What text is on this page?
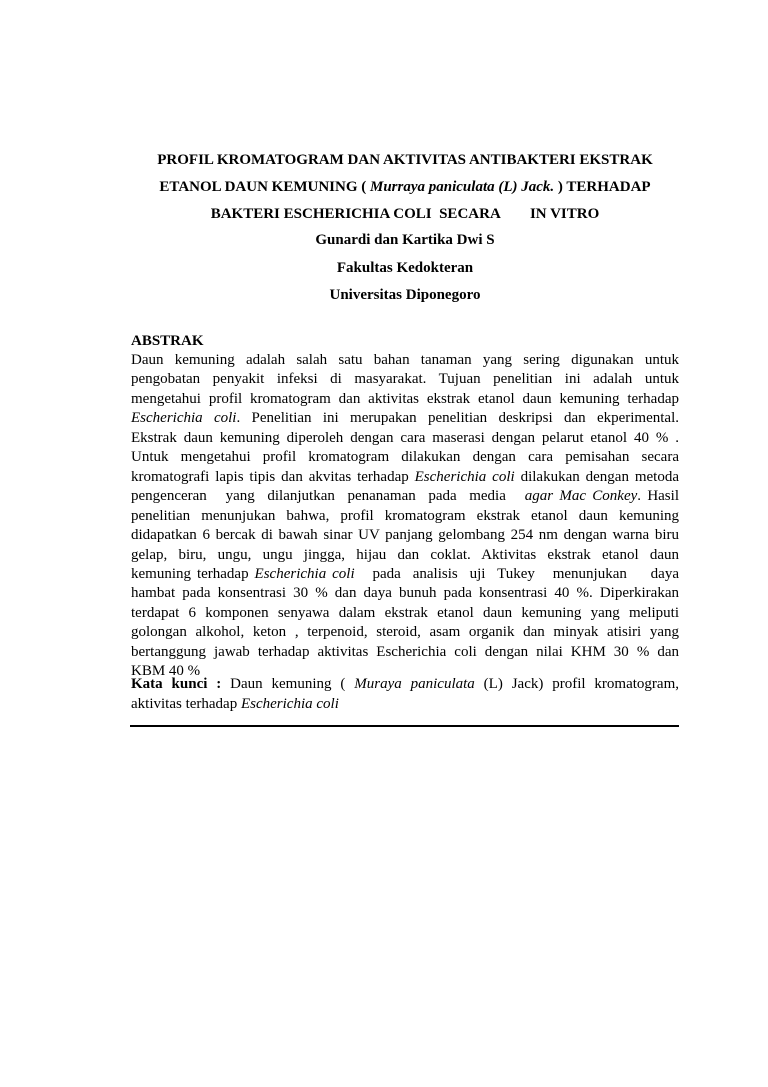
PROFIL KROMATOGRAM DAN AKTIVITAS ANTIBAKTERI EKSTRAK
ETANOL DAUN KEMUNING ( Murraya paniculata (L) Jack. ) TERHADAP
BAKTERI ESCHERICHIA COLI  SECARA        IN VITRO
Gunardi dan Kartika Dwi S
Fakultas Kedokteran
Universitas Diponegoro
ABSTRAK
Daun kemuning adalah salah satu bahan tanaman yang sering digunakan untuk
pengobatan penyakit infeksi di masyarakat. Tujuan penelitian ini adalah untuk
mengetahui profil kromatogram dan aktivitas ekstrak etanol daun kemuning terhadap
Escherichia coli. Penelitian ini merupakan penelitian deskripsi dan ekperimental.
Ekstrak daun kemuning diperoleh dengan cara maserasi dengan pelarut etanol 40 % .
Untuk mengetahui profil kromatogram dilakukan dengan cara pemisahan secara
kromatografi lapis tipis dan akvitas terhadap Escherichia coli dilakukan dengan metoda
pengenceran   yang  dilanjutkan  penanaman  pada  media   agar Mac Conkey. Hasil
penelitian menunjukan bahwa, profil kromatogram ekstrak etanol daun kemuning
didapatkan 6 bercak di bawah sinar UV panjang gelombang 254 nm dengan warna biru
gelap, biru, ungu, ungu jingga, hijau dan coklat. Aktivitas ekstrak etanol daun
kemuning terhadap Escherichia coli   pada  analisis  uji  Tukey   menunjukan    daya
hambat pada konsentrasi 30 % dan daya bunuh pada konsentrasi 40 %. Diperkirakan
terdapat 6 komponen senyawa dalam ekstrak etanol daun kemuning yang meliputi
golongan alkohol, keton , terpenoid, steroid, asam organik dan minyak atisiri yang
bertanggung jawab terhadap aktivitas Escherichia coli dengan nilai KHM 30 % dan
KBM 40 %
Kata kunci : Daun kemuning ( Muraya paniculata (L) Jack) profil kromatogram,
aktivitas terhadap Escherichia coli
